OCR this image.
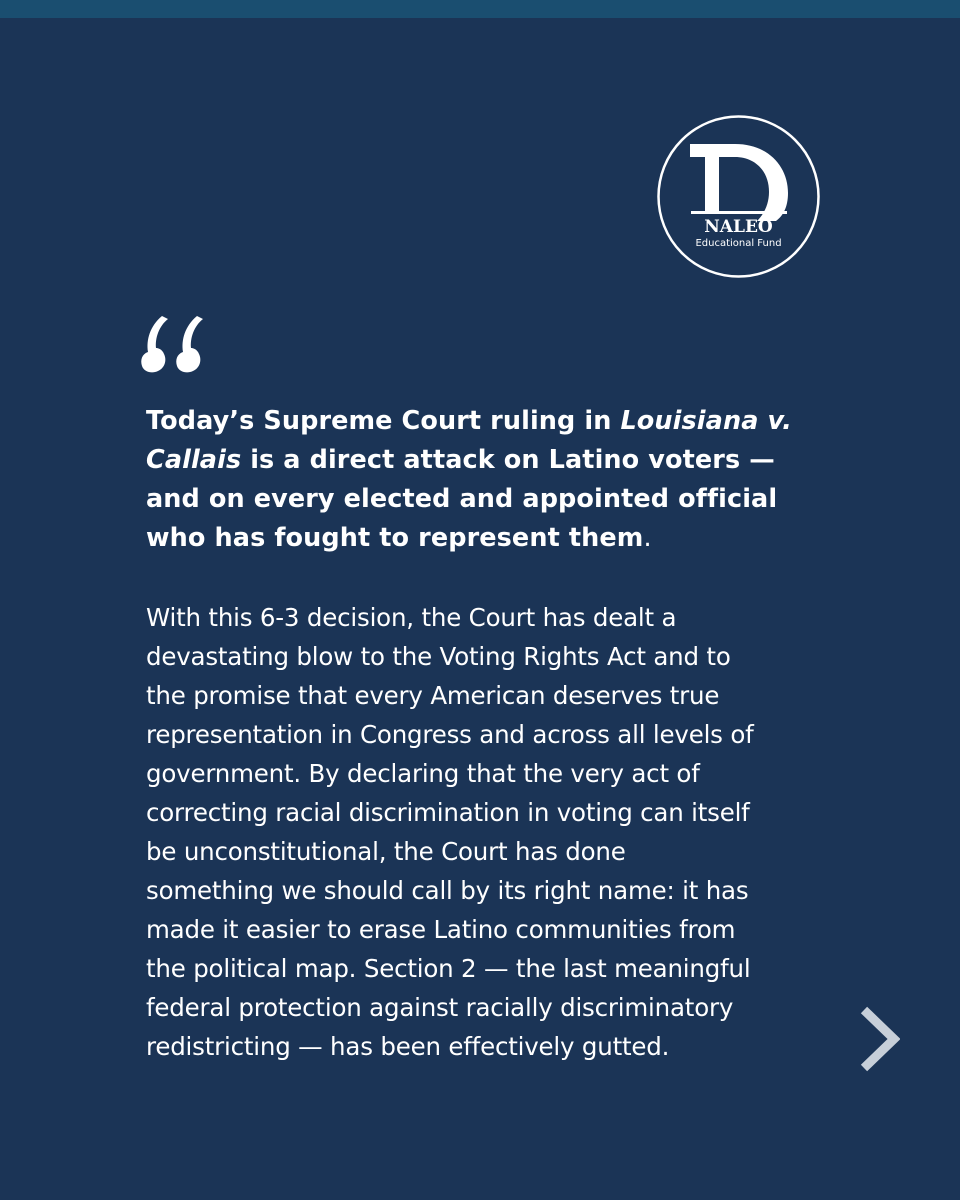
NALEO
Educational Fund

Today’s Supreme Court ruling in Louisiana v. Callais is a direct attack on Latino voters — and on every elected and appointed official who has fought to represent them.

With this 6-3 decision, the Court has dealt a
devastating blow to the Voting Rights Act and to
the promise that every American deserves true
representation in Congress and across all levels of
government. By declaring that the very act of
correcting racial discrimination in voting can itself
be unconstitutional, the Court has done
something we should call by its right name: it has
made it easier to erase Latino communities from
the political map. Section 2 — the last meaningful
federal protection against racially discriminatory
redistricting — has been effectively gutted.
